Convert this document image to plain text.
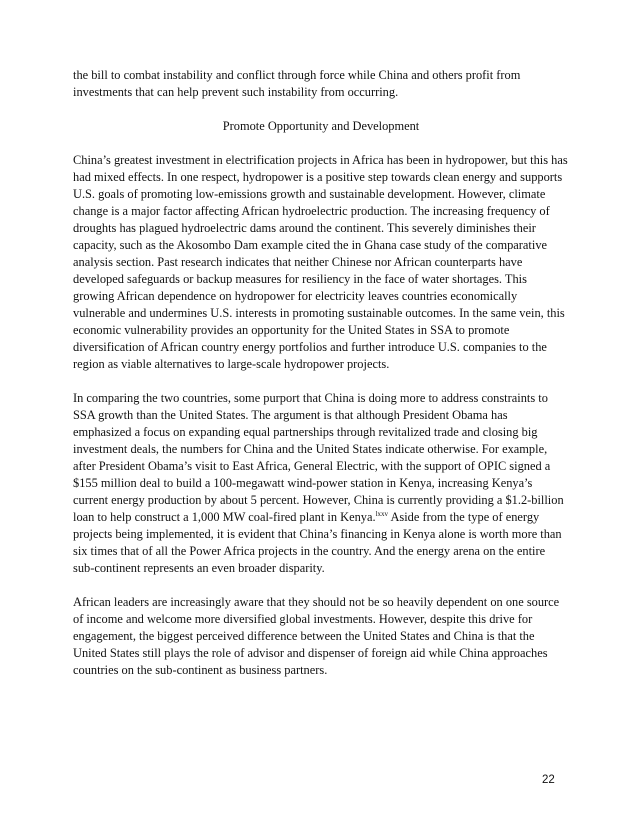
the bill to combat instability and conflict through force while China and others profit from investments that can help prevent such instability from occurring.

Promote Opportunity and Development

China’s greatest investment in electrification projects in Africa has been in hydropower, but this has had mixed effects. In one respect, hydropower is a positive step towards clean energy and supports U.S. goals of promoting low-emissions growth and sustainable development. However, climate change is a major factor affecting African hydroelectric production. The increasing frequency of droughts has plagued hydroelectric dams around the continent. This severely diminishes their capacity, such as the Akosombo Dam example cited the in Ghana case study of the comparative analysis section. Past research indicates that neither Chinese nor African counterparts have developed safeguards or backup measures for resiliency in the face of water shortages. This growing African dependence on hydropower for electricity leaves countries economically vulnerable and undermines U.S. interests in promoting sustainable outcomes. In the same vein, this economic vulnerability provides an opportunity for the United States in SSA to promote diversification of African country energy portfolios and further introduce U.S. companies to the region as viable alternatives to large-scale hydropower projects.

In comparing the two countries, some purport that China is doing more to address constraints to SSA growth than the United States. The argument is that although President Obama has emphasized a focus on expanding equal partnerships through revitalized trade and closing big investment deals, the numbers for China and the United States indicate otherwise. For example, after President Obama’s visit to East Africa, General Electric, with the support of OPIC signed a $155 million deal to build a 100-megawatt wind-power station in Kenya, increasing Kenya’s current energy production by about 5 percent. However, China is currently providing a $1.2-billion loan to help construct a 1,000 MW coal-fired plant in Kenya.$^{lxxv}$ Aside from the type of energy projects being implemented, it is evident that China’s financing in Kenya alone is worth more than six times that of all the Power Africa projects in the country. And the energy arena on the entire sub-continent represents an even broader disparity.

African leaders are increasingly aware that they should not be so heavily dependent on one source of income and welcome more diversified global investments. However, despite this drive for engagement, the biggest perceived difference between the United States and China is that the United States still plays the role of advisor and dispenser of foreign aid while China approaches countries on the sub-continent as business partners.

22
